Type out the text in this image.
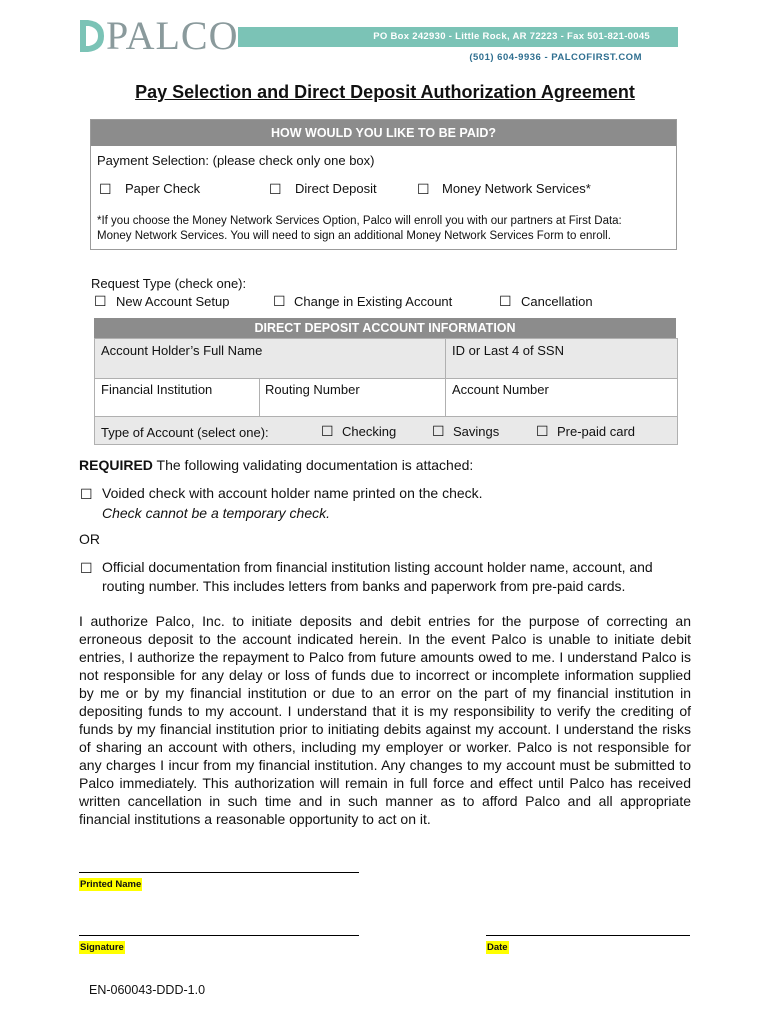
PALCO	PO Box 242930 - Little Rock, AR 72223 - Fax 501-821-0045
(501) 604-9936 - PALCOFIRST.COM
Pay Selection and Direct Deposit Authorization Agreement
HOW WOULD YOU LIKE TO BE PAID?
Payment Selection: (please check only one box)
☐ Paper Check	☐ Direct Deposit	☐ Money Network Services*
*If you choose the Money Network Services Option, Palco will enroll you with our partners at First Data:
Money Network Services. You will need to sign an additional Money Network Services Form to enroll.
Request Type (check one):
☐ New Account Setup	☐ Change in Existing Account	☐ Cancellation
DIRECT DEPOSIT ACCOUNT INFORMATION
Account Holder’s Full Name	ID or Last 4 of SSN
Financial Institution	Routing Number	Account Number
Type of Account (select one):	☐ Checking	☐ Savings	☐ Pre-paid card
REQUIRED The following validating documentation is attached:
☐ Voided check with account holder name printed on the check.
Check cannot be a temporary check.
OR
☐ Official documentation from financial institution listing account holder name, account, and
routing number. This includes letters from banks and paperwork from pre-paid cards.
I authorize Palco, Inc. to initiate deposits and debit entries for the purpose of correcting an erroneous deposit to the account indicated herein. In the event Palco is unable to initiate debit entries, I authorize the repayment to Palco from future amounts owed to me. I understand Palco is not responsible for any delay or loss of funds due to incorrect or incomplete information supplied by me or by my financial institution or due to an error on the part of my financial institution in depositing funds to my account. I understand that it is my responsibility to verify the crediting of funds by my financial institution prior to initiating debits against my account. I understand the risks of sharing an account with others, including my employer or worker. Palco is not responsible for any charges I incur from my financial institution. Any changes to my account must be submitted to Palco immediately. This authorization will remain in full force and effect until Palco has received written cancellation in such time and in such manner as to afford Palco and all appropriate financial institutions a reasonable opportunity to act on it.
Printed Name
Signature	Date
EN-060043-DDD-1.0
